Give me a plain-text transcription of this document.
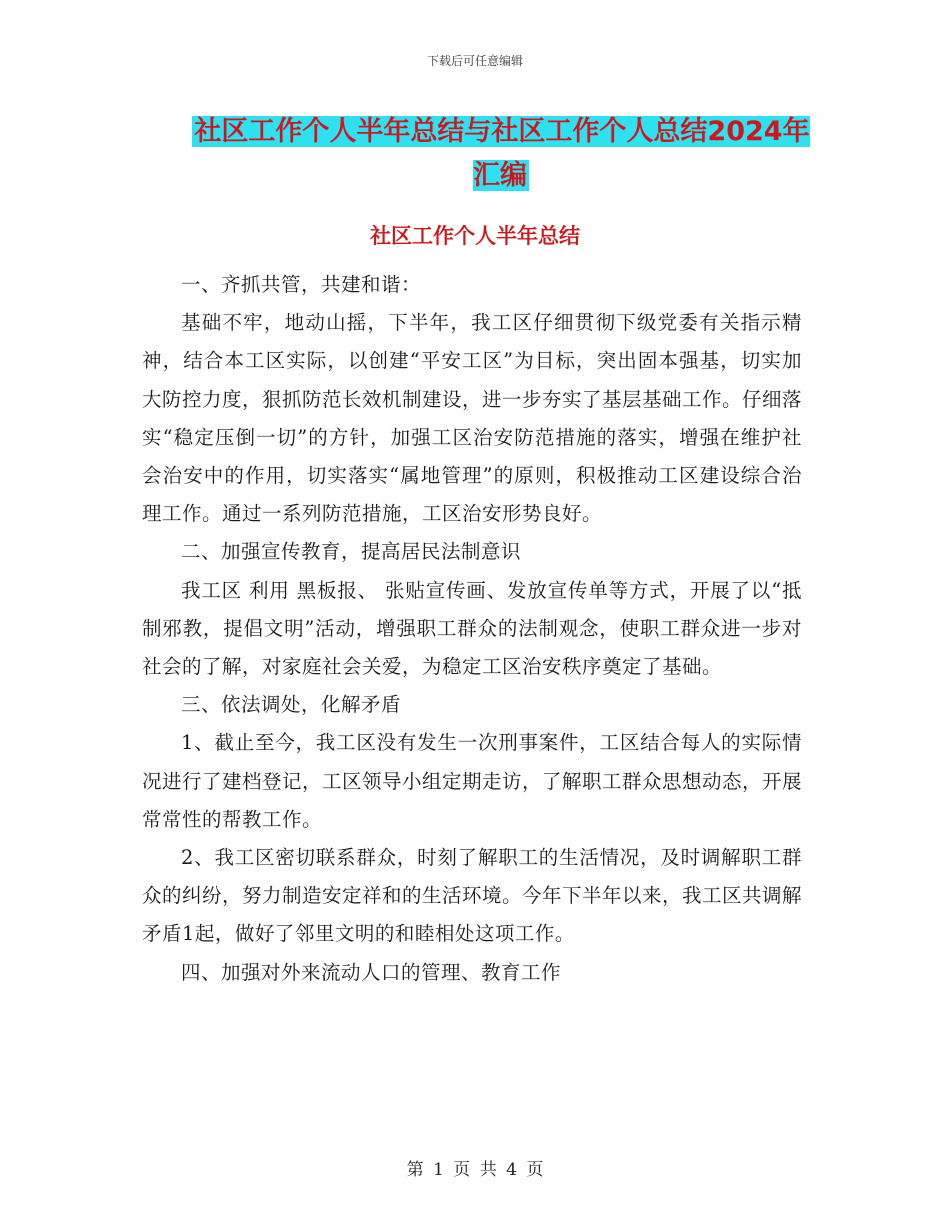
下载后可任意编辑
社区工作个人半年总结与社区工作个人总结2024年汇编
社区工作个人半年总结

一、齐抓共管，共建和谐：

基础不牢，地动山摇，下半年，我工区仔细贯彻下级党委有关指示精神，结合本工区实际，以创建“平安工区”为目标，突出固本强基，切实加大防控力度，狠抓防范长效机制建设，进一步夯实了基层基础工作。仔细落实“稳定压倒一切”的方针，加强工区治安防范措施的落实，增强在维护社会治安中的作用，切实落实“属地管理”的原则，积极推动工区建设综合治理工作。通过一系列防范措施，工区治安形势良好。

二、加强宣传教育，提高居民法制意识

我工区 利用 黑板报、 张贴宣传画、发放宣传单等方式，开展了以“抵制邪教，提倡文明”活动，增强职工群众的法制观念，使职工群众进一步对社会的了解，对家庭社会关爱，为稳定工区治安秩序奠定了基础。

三、依法调处，化解矛盾

1、截止至今，我工区没有发生一次刑事案件，工区结合每人的实际情况进行了建档登记，工区领导小组定期走访，了解职工群众思想动态，开展常常性的帮教工作。

2、我工区密切联系群众，时刻了解职工的生活情况，及时调解职工群众的纠纷，努力制造安定祥和的生活环境。今年下半年以来，我工区共调解矛盾1起，做好了邻里文明的和睦相处这项工作。

四、加强对外来流动人口的管理、教育工作

第 1 页 共 4 页
